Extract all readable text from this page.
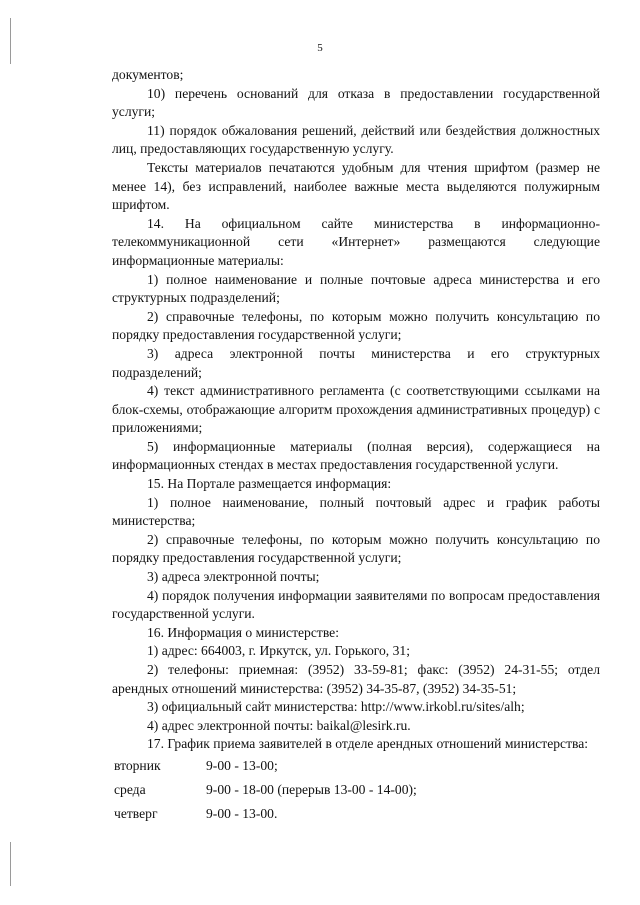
5

документов;

10) перечень оснований для отказа в предоставлении государственной услуги;

11) порядок обжалования решений, действий или бездействия должностных лиц, предоставляющих государственную услугу.

Тексты материалов печатаются удобным для чтения шрифтом (размер не менее 14), без исправлений, наиболее важные места выделяются полужирным шрифтом.

14. На официальном сайте министерства в информационно-телекоммуникационной сети «Интернет» размещаются следующие информационные материалы:

1) полное наименование и полные почтовые адреса министерства и его структурных подразделений;

2) справочные телефоны, по которым можно получить консультацию по порядку предоставления государственной услуги;

3) адреса электронной почты министерства и его структурных подразделений;

4) текст административного регламента (с соответствующими ссылками на блок-схемы, отображающие алгоритм прохождения административных процедур) с приложениями;

5) информационные материалы (полная версия), содержащиеся на информационных стендах в местах предоставления государственной услуги.

15. На Портале размещается информация:

1) полное наименование, полный почтовый адрес и график работы министерства;

2) справочные телефоны, по которым можно получить консультацию по порядку предоставления государственной услуги;

3) адреса электронной почты;

4) порядок получения информации заявителями по вопросам предоставления государственной услуги.

16. Информация о министерстве:

1) адрес: 664003, г. Иркутск, ул. Горького, 31;

2) телефоны: приемная: (3952) 33-59-81; факс: (3952) 24-31-55; отдел арендных отношений министерства: (3952) 34-35-87, (3952) 34-35-51;

3) официальный сайт министерства: http://www.irkobl.ru/sites/alh;

4) адрес электронной почты: baikal@lesirk.ru.

17. График приема заявителей в отделе арендных отношений министерства:

вторник	9-00 - 13-00;
среда	9-00 - 18-00 (перерыв 13-00 - 14-00);
четверг	9-00 - 13-00.
